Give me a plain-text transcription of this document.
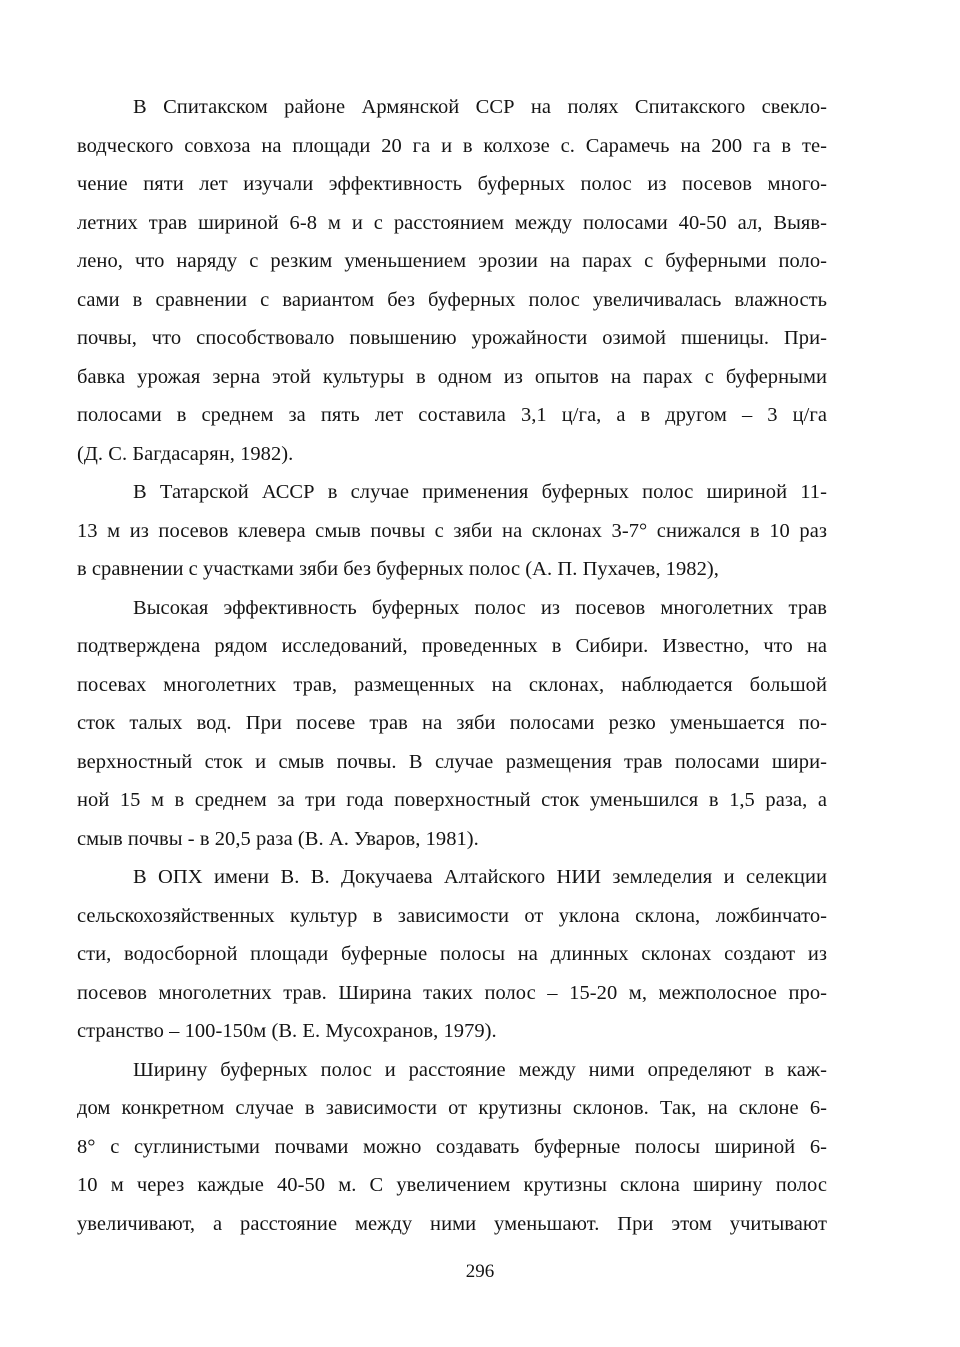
В Спитакском районе Армянской ССР на полях Спитакского свекло-
водческого совхоза на площади 20 га и в колхозе с. Сарамечь на 200 га в те-
чение пяти лет изучали эффективность буферных полос из посевов много-
летних трав шириной 6-8 м и с расстоянием между полосами 40-50 ал, Выяв-
лено, что наряду с резким уменьшением эрозии на парах с буферными поло-
сами в сравнении с вариантом без буферных полос увеличивалась влажность
почвы, что способствовало повышению урожайности озимой пшеницы. При-
бавка урожая зерна этой культуры в одном из опытов на парах с буферными
полосами в среднем за пять лет составила 3,1 ц/га, а в другом – 3 ц/га
(Д. С. Багдасарян, 1982).
В Татарской АССР в случае применения буферных полос шириной 11-
13 м из посевов клевера смыв почвы с зяби на склонах 3-7° снижался в 10 раз
в сравнении с участками зяби без буферных полос (А. П. Пухачев, 1982),
Высокая эффективность буферных полос из посевов многолетних трав
подтверждена рядом исследований, проведенных в Сибири. Известно, что на
посевах многолетних трав, размещенных на склонах, наблюдается большой
сток талых вод. При посеве трав на зяби полосами резко уменьшается по-
верхностный сток и смыв почвы. В случае размещения трав полосами шири-
ной 15 м в среднем за три года поверхностный сток уменьшился в 1,5 раза, а
смыв почвы - в 20,5 раза (В. А. Уваров, 1981).
В ОПХ имени В. В. Докучаева Алтайского НИИ земледелия и селекции
сельскохозяйственных культур в зависимости от уклона склона, ложбинчато-
сти, водосборной площади буферные полосы на длинных склонах создают из
посевов многолетних трав. Ширина таких полос – 15-20 м, межполосное про-
странство – 100-150м (В. Е. Мусохранов, 1979).
Ширину буферных полос и расстояние между ними определяют в каж-
дом конкретном случае в зависимости от крутизны склонов. Так, на склоне 6-
8° с суглинистыми почвами можно создавать буферные полосы шириной 6-
10 м через каждые 40-50 м. С увеличением крутизны склона ширину полос
увеличивают, а расстояние между ними уменьшают. При этом учитывают
296
